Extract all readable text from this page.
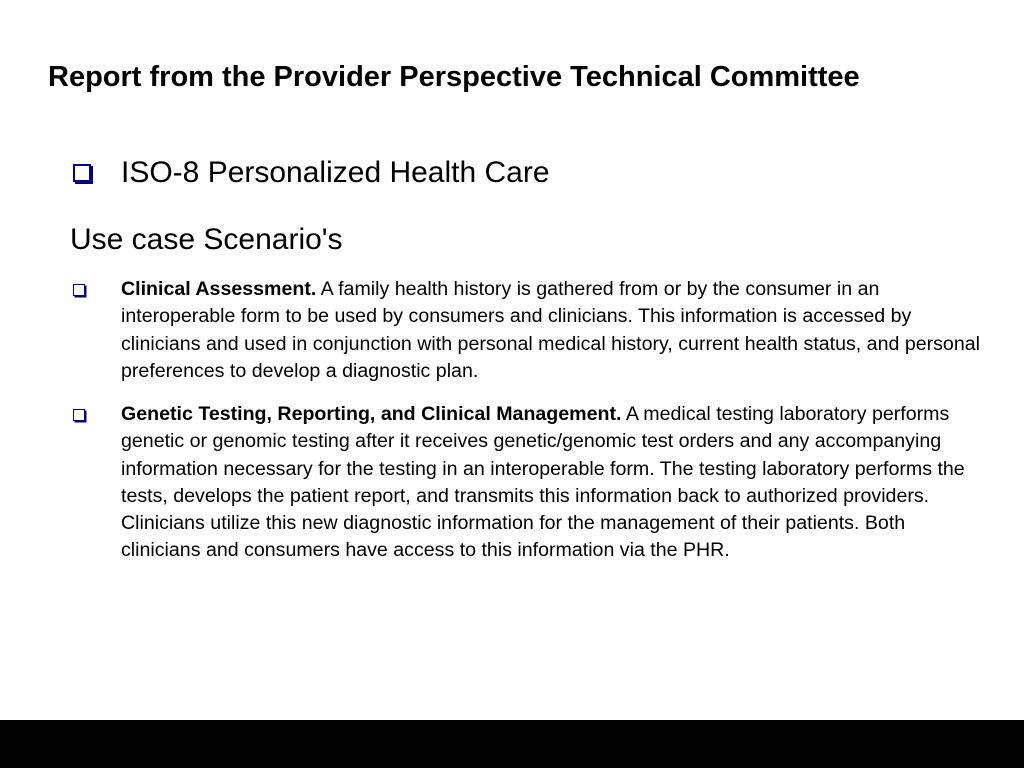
Report from the Provider Perspective Technical Committee
ISO-8 Personalized Health Care
Use case Scenario's
Clinical Assessment. A family health history is gathered from or by the consumer in an interoperable form to be used by consumers and clinicians. This information is accessed by clinicians and used in conjunction with personal medical history, current health status, and personal preferences to develop a diagnostic plan.
Genetic Testing, Reporting, and Clinical Management. A medical testing laboratory performs genetic or genomic testing after it receives genetic/genomic test orders and any accompanying information necessary for the testing in an interoperable form. The testing laboratory performs the tests, develops the patient report, and transmits this information back to authorized providers. Clinicians utilize this new diagnostic information for the management of their patients. Both clinicians and consumers have access to this information via the PHR.
